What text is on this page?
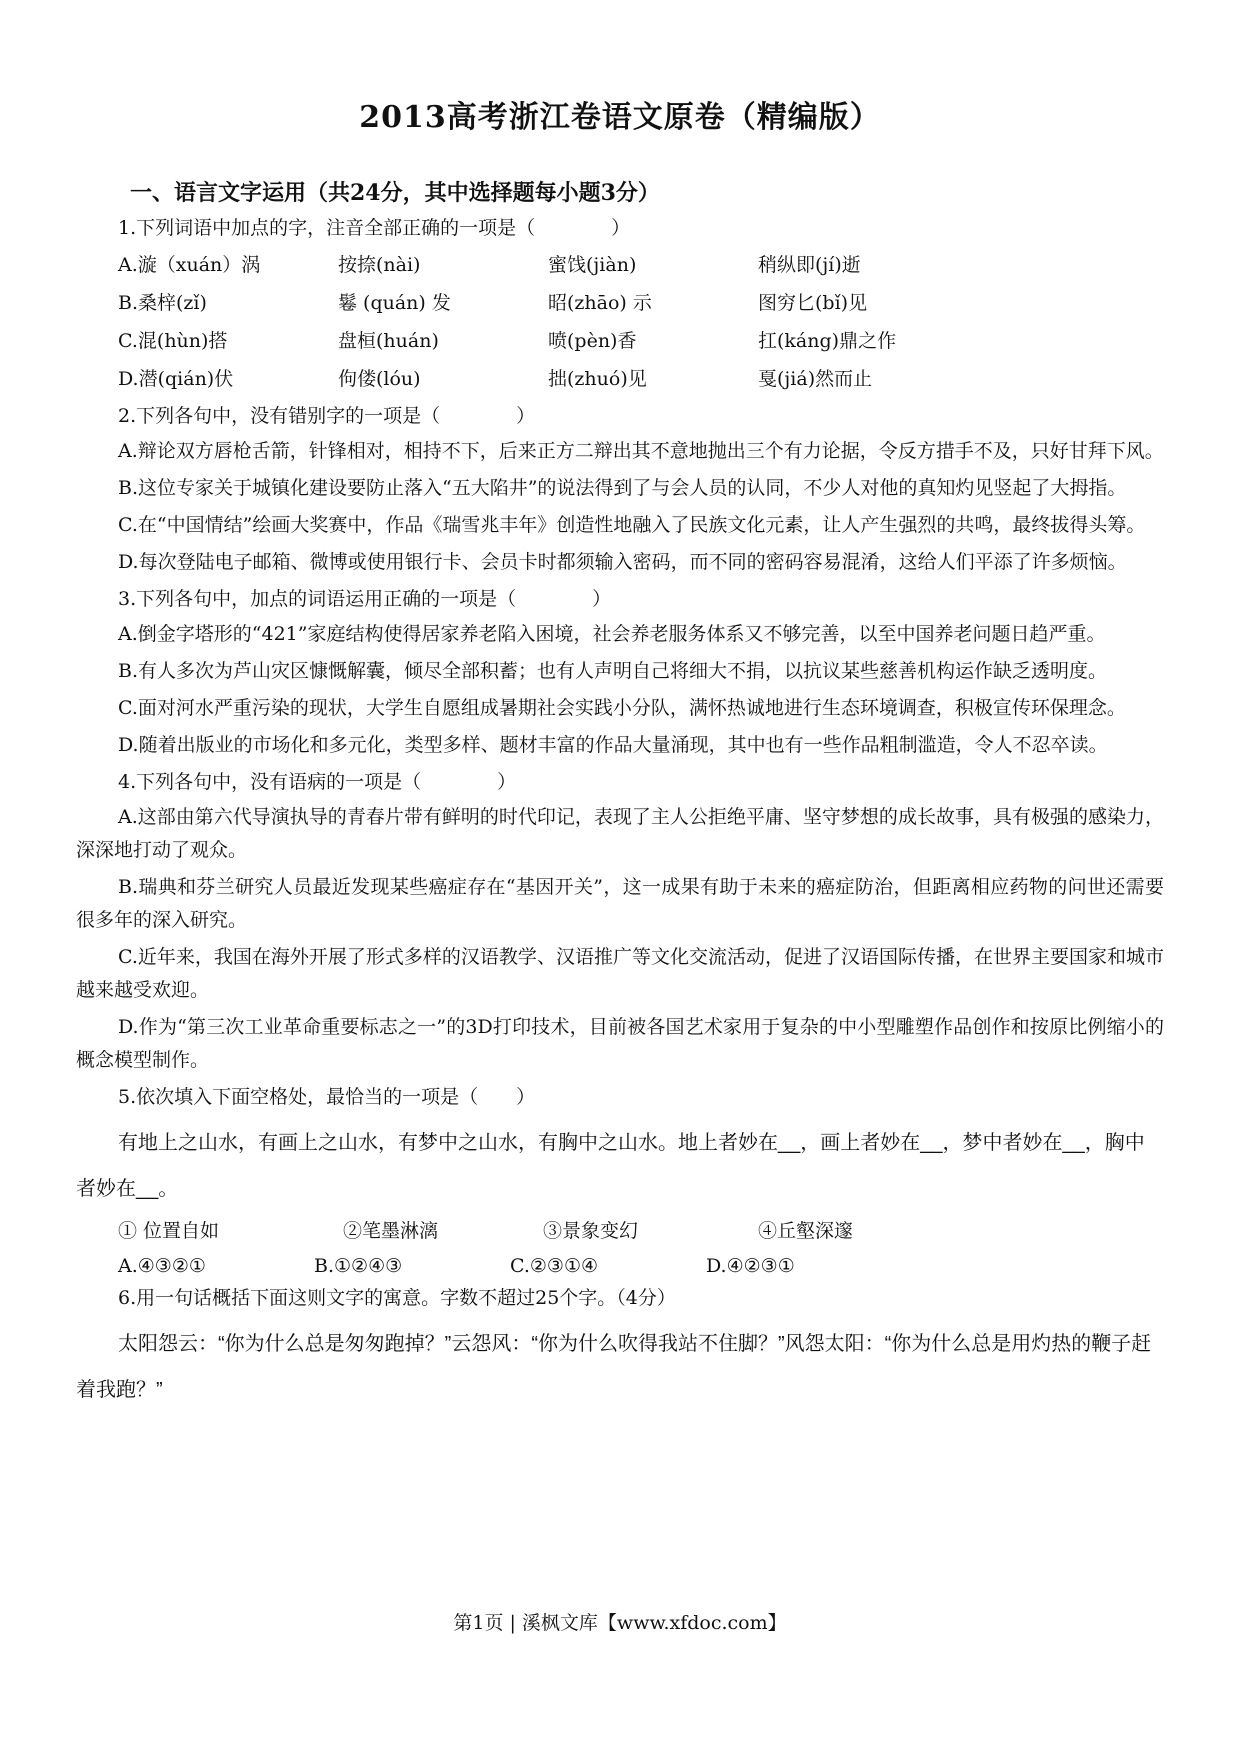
2013高考浙江卷语文原卷（精编版）
一、语言文字运用（共24分，其中选择题每小题3分）

1.下列词语中加点的字，注音全部正确的一项是（　　　　）

A.漩（xuán）涡	按捺(nài)	蜜饯(jiàn)	稍纵即(jí)逝
B.桑梓(zǐ)	鬈 (quán) 发	昭(zhāo) 示	图穷匕(bǐ)见
C.混(hùn)搭	盘桓(huán)	喷(pèn)香	扛(káng)鼎之作
D.潜(qián)伏	佝偻(lóu)	拙(zhuó)见	戛(jiá)然而止

2.下列各句中，没有错别字的一项是（　　　　）

A.辩论双方唇枪舌箭，针锋相对，相持不下，后来正方二辩出其不意地抛出三个有力论据，令反方措手不及，只好甘拜下风。

B.这位专家关于城镇化建设要防止落入“五大陷井”的说法得到了与会人员的认同，不少人对他的真知灼见竖起了大拇指。

C.在“中国情结”绘画大奖赛中，作品《瑞雪兆丰年》创造性地融入了民族文化元素，让人产生强烈的共鸣，最终拔得头筹。

D.每次登陆电子邮箱、微博或使用银行卡、会员卡时都须输入密码，而不同的密码容易混淆，这给人们平添了许多烦恼。

3.下列各句中，加点的词语运用正确的一项是（　　　　）

A.倒金字塔形的“421”家庭结构使得居家养老陷入困境，社会养老服务体系又不够完善，以至中国养老问题日趋严重。

B.有人多次为芦山灾区慷慨解囊，倾尽全部积蓄；也有人声明自己将细大不捐，以抗议某些慈善机构运作缺乏透明度。

C.面对河水严重污染的现状，大学生自愿组成暑期社会实践小分队，满怀热诚地进行生态环境调查，积极宣传环保理念。

D.随着出版业的市场化和多元化，类型多样、题材丰富的作品大量涌现，其中也有一些作品粗制滥造，令人不忍卒读。

4.下列各句中，没有语病的一项是（　　　　）

A.这部由第六代导演执导的青春片带有鲜明的时代印记，表现了主人公拒绝平庸、坚守梦想的成长故事，具有极强的感染力，深深地打动了观众。

B.瑞典和芬兰研究人员最近发现某些癌症存在“基因开关”，这一成果有助于未来的癌症防治，但距离相应药物的问世还需要很多年的深入研究。

C.近年来，我国在海外开展了形式多样的汉语教学、汉语推广等文化交流活动，促进了汉语国际传播，在世界主要国家和城市越来越受欢迎。

D.作为“第三次工业革命重要标志之一”的3D打印技术，目前被各国艺术家用于复杂的中小型雕塑作品创作和按原比例缩小的概念模型制作。

5.依次填入下面空格处，最恰当的一项是（　　）

有地上之山水，有画上之山水，有梦中之山水，有胸中之山水。地上者妙在__，画上者妙在__，梦中者妙在__，胸中者妙在__。

① 位置自如	②笔墨淋漓	③景象变幻	④丘壑深邃
A.④③②①	B.①②④③	C.②③①④	D.④②③①

6.用一句话概括下面这则文字的寓意。字数不超过25个字。（4分）

太阳怨云：“你为什么总是匆匆跑掉？”云怨风：“你为什么吹得我站不住脚？”风怨太阳：“你为什么总是用灼热的鞭子赶着我跑？”

第1页 | 溪枫文库【www.xfdoc.com】
